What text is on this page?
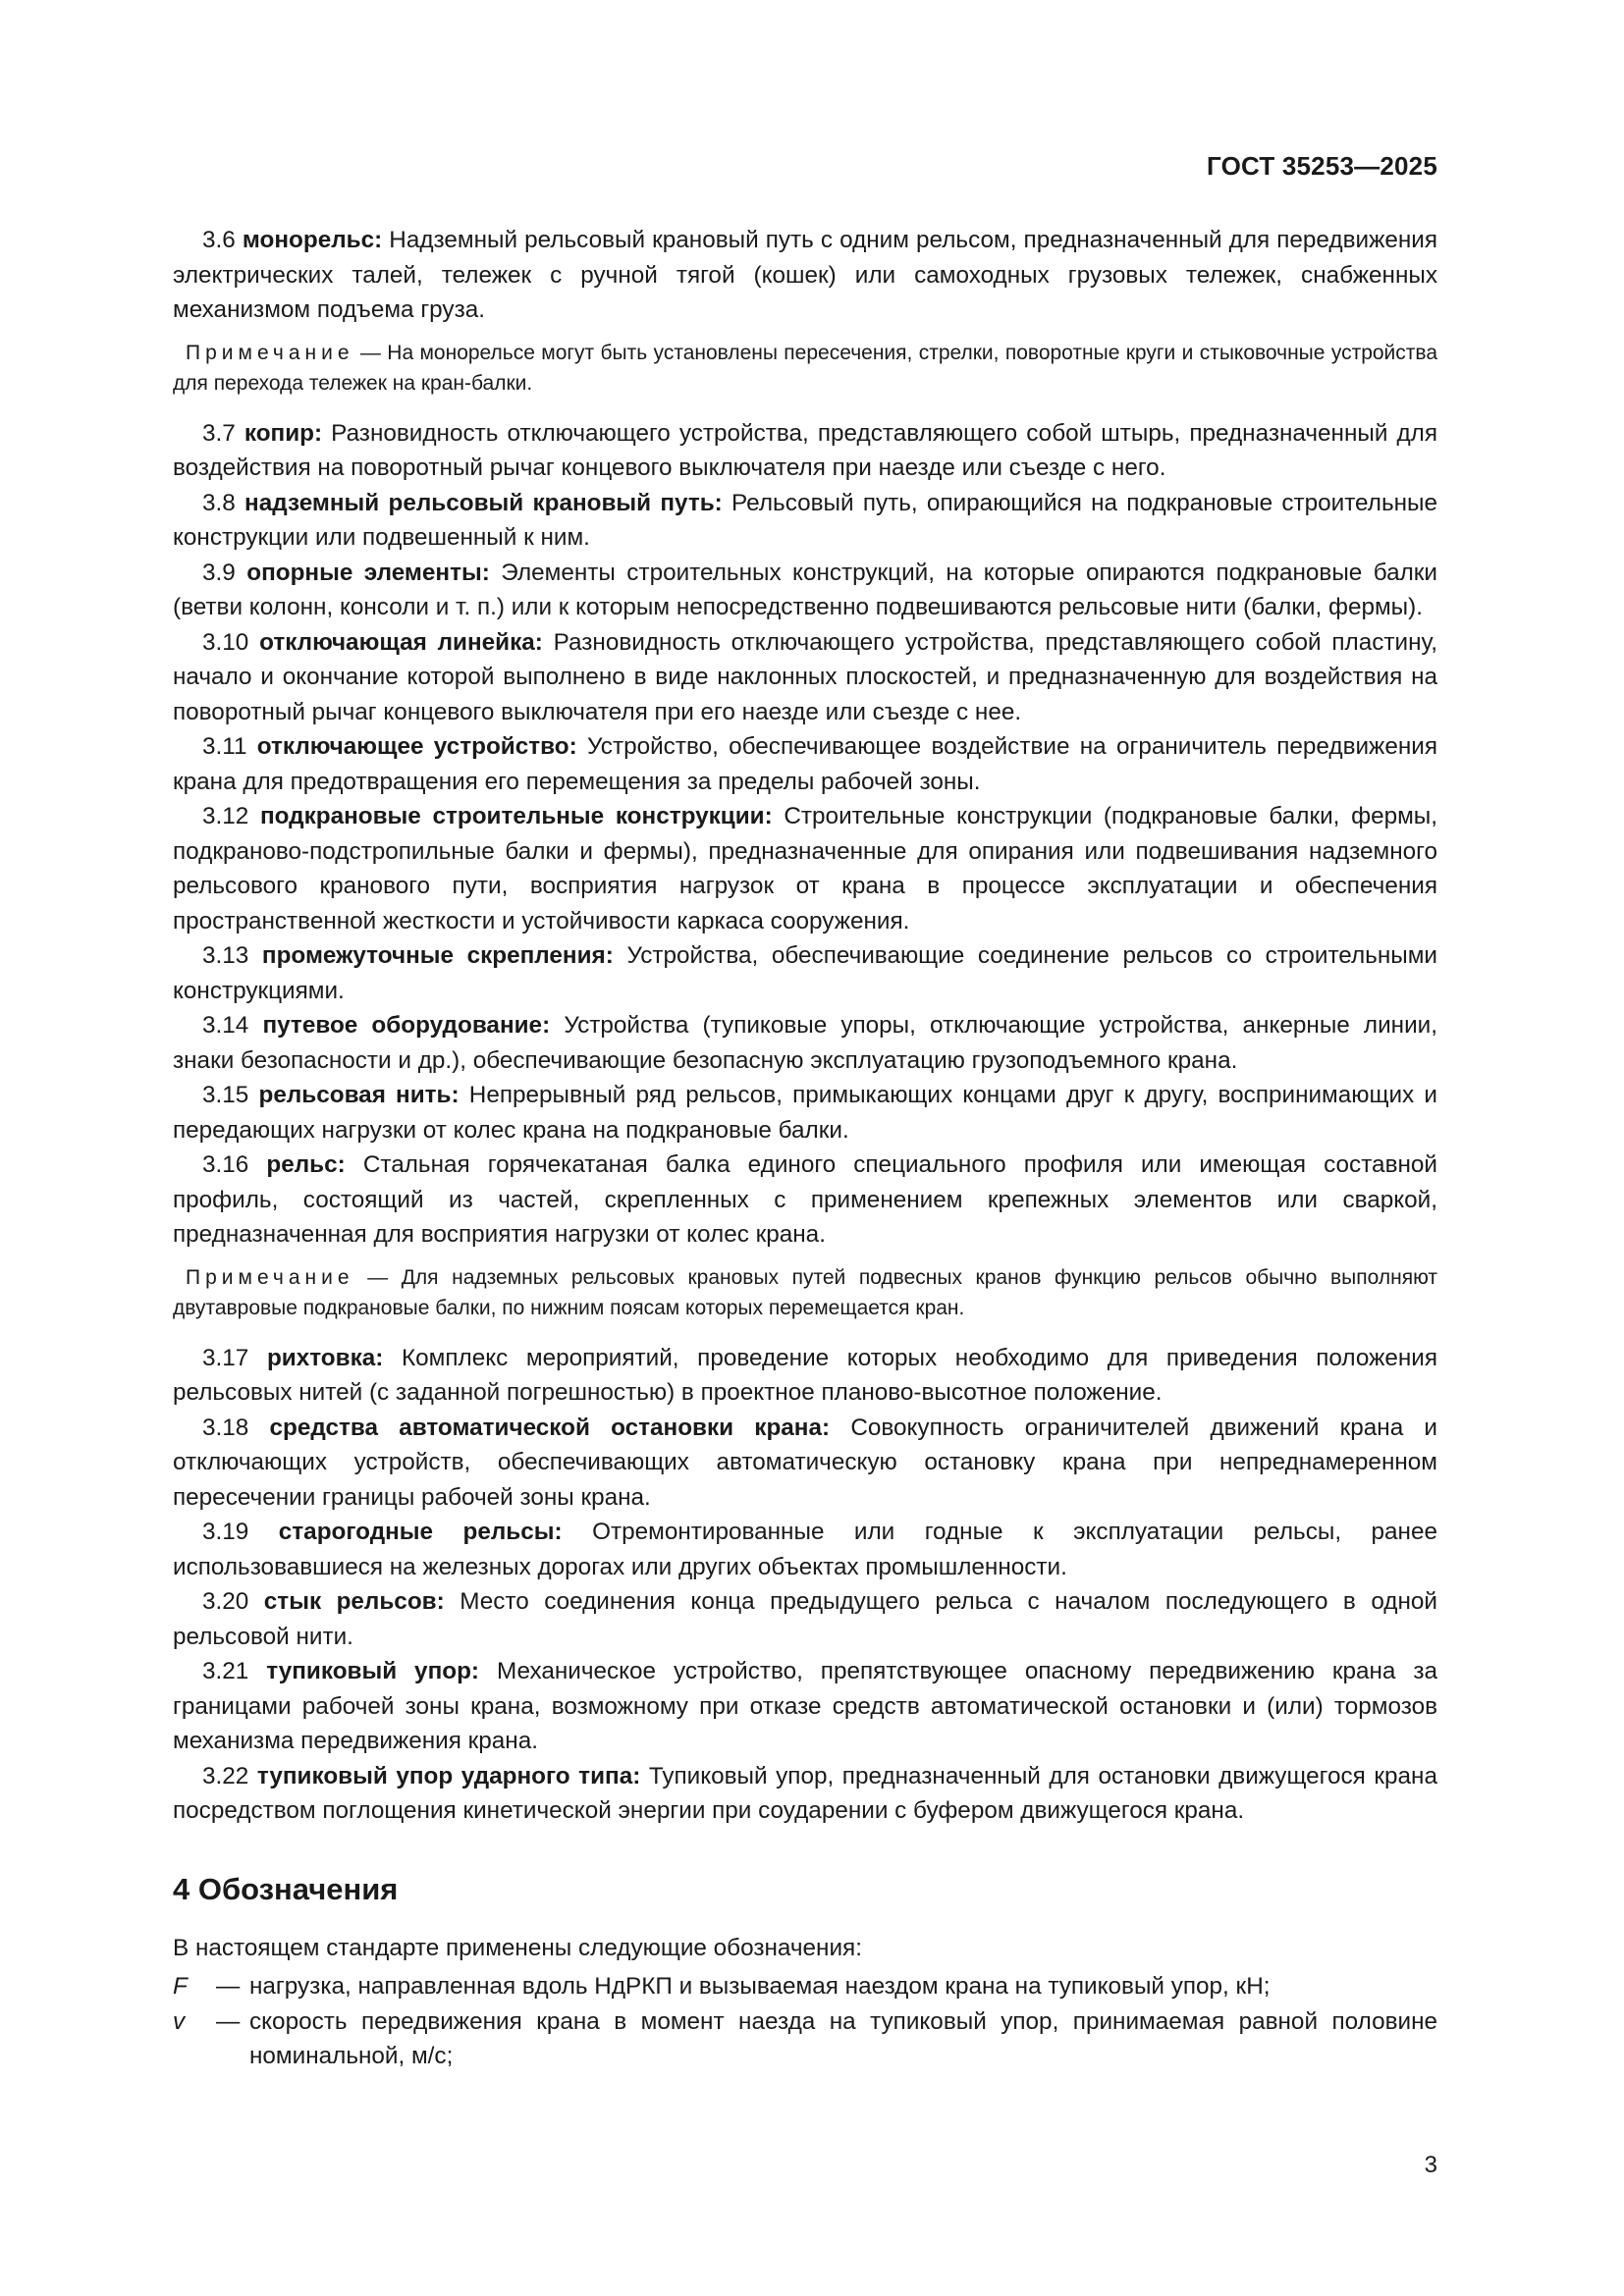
ГОСТ 35253—2025

3.6 монорельс: Надземный рельсовый крановый путь с одним рельсом, предназначенный для передвижения электрических талей, тележек с ручной тягой (кошек) или самоходных грузовых тележек, снабженных механизмом подъема груза.

Примечание — На монорельсе могут быть установлены пересечения, стрелки, поворотные круги и стыковочные устройства для перехода тележек на кран-балки.

3.7 копир: Разновидность отключающего устройства, представляющего собой штырь, предназначенный для воздействия на поворотный рычаг концевого выключателя при наезде или съезде с него.

3.8 надземный рельсовый крановый путь: Рельсовый путь, опирающийся на подкрановые строительные конструкции или подвешенный к ним.

3.9 опорные элементы: Элементы строительных конструкций, на которые опираются подкрановые балки (ветви колонн, консоли и т. п.) или к которым непосредственно подвешиваются рельсовые нити (балки, фермы).

3.10 отключающая линейка: Разновидность отключающего устройства, представляющего собой пластину, начало и окончание которой выполнено в виде наклонных плоскостей, и предназначенную для воздействия на поворотный рычаг концевого выключателя при его наезде или съезде с нее.

3.11 отключающее устройство: Устройство, обеспечивающее воздействие на ограничитель передвижения крана для предотвращения его перемещения за пределы рабочей зоны.

3.12 подкрановые строительные конструкции: Строительные конструкции (подкрановые балки, фермы, подкраново-подстропильные балки и фермы), предназначенные для опирания или подвешивания надземного рельсового кранового пути, восприятия нагрузок от крана в процессе эксплуатации и обеспечения пространственной жесткости и устойчивости каркаса сооружения.

3.13 промежуточные скрепления: Устройства, обеспечивающие соединение рельсов со строительными конструкциями.

3.14 путевое оборудование: Устройства (тупиковые упоры, отключающие устройства, анкерные линии, знаки безопасности и др.), обеспечивающие безопасную эксплуатацию грузоподъемного крана.

3.15 рельсовая нить: Непрерывный ряд рельсов, примыкающих концами друг к другу, воспринимающих и передающих нагрузки от колес крана на подкрановые балки.

3.16 рельс: Стальная горячекатаная балка единого специального профиля или имеющая составной профиль, состоящий из частей, скрепленных с применением крепежных элементов или сваркой, предназначенная для восприятия нагрузки от колес крана.

Примечание — Для надземных рельсовых крановых путей подвесных кранов функцию рельсов обычно выполняют двутавровые подкрановые балки, по нижним поясам которых перемещается кран.

3.17 рихтовка: Комплекс мероприятий, проведение которых необходимо для приведения положения рельсовых нитей (с заданной погрешностью) в проектное планово-высотное положение.

3.18 средства автоматической остановки крана: Совокупность ограничителей движений крана и отключающих устройств, обеспечивающих автоматическую остановку крана при непреднамеренном пересечении границы рабочей зоны крана.

3.19 старогодные рельсы: Отремонтированные или годные к эксплуатации рельсы, ранее использовавшиеся на железных дорогах или других объектах промышленности.

3.20 стык рельсов: Место соединения конца предыдущего рельса с началом последующего в одной рельсовой нити.

3.21 тупиковый упор: Механическое устройство, препятствующее опасному передвижению крана за границами рабочей зоны крана, возможному при отказе средств автоматической остановки и (или) тормозов механизма передвижения крана.

3.22 тупиковый упор ударного типа: Тупиковый упор, предназначенный для остановки движущегося крана посредством поглощения кинетической энергии при соударении с буфером движущегося крана.

4 Обозначения

В настоящем стандарте применены следующие обозначения:

F	— нагрузка, направленная вдоль НдРКП и вызываемая наездом крана на тупиковый упор, кН;
v	— скорость передвижения крана в момент наезда на тупиковый упор, принимаемая равной половине номинальной, м/с;
3
